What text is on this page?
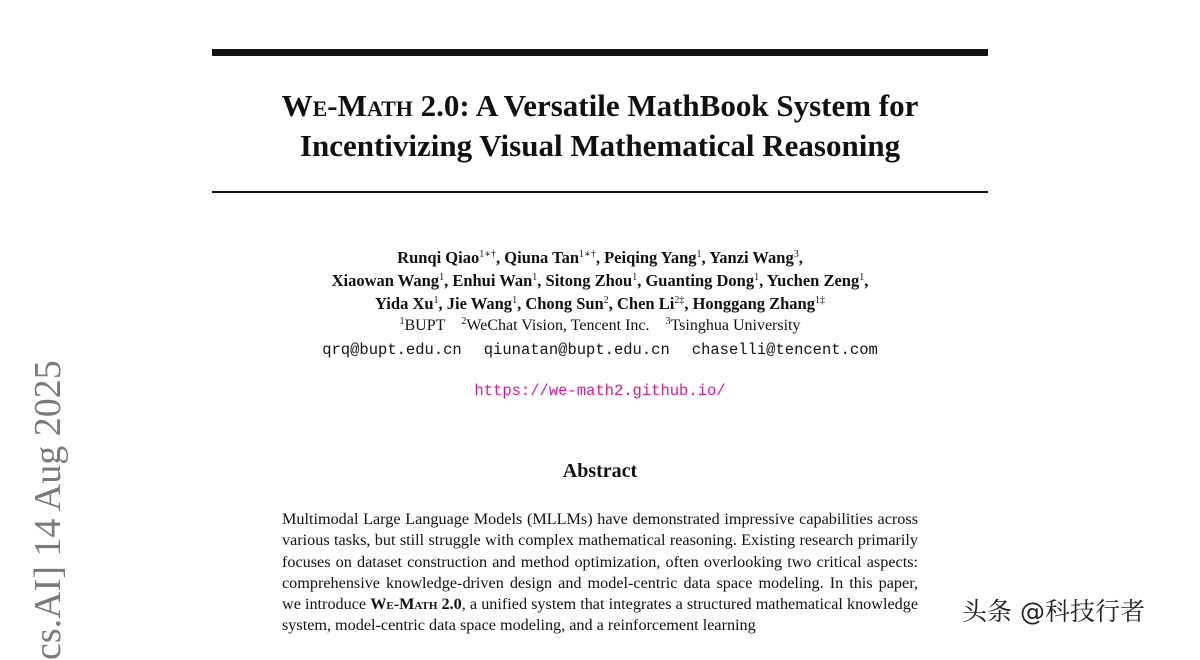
We-Math 2.0: A Versatile MathBook System for
Incentivizing Visual Mathematical Reasoning
Runqi Qiao$^{1∗\dagger}$, Qiuna Tan$^{1∗\dagger}$, Peiqing Yang$^1$, Yanzi Wang$^3$,
Xiaowan Wang$^1$, Enhui Wan$^1$, Sitong Zhou$^1$, Guanting Dong$^1$, Yuchen Zeng$^1$,
Yida Xu$^1$, Jie Wang$^1$, Chong Sun$^2$, Chen $Li^{2\ddagger}$, Honggang Zhang$^{1\ddagger}$
$^1$BUPT $^2$WeChat Vision, Tencent Inc. $^3$Tsinghua University
qrq@bupt.edu.cn qiunatan@bupt.edu.cn chaselli@tencent.com
https://we-math2.github.io/
Abstract
Multimodal Large Language Models (MLLMs) have demonstrated impressive capabilities across various tasks, but still struggle with complex mathematical reasoning. Existing research primarily focuses on dataset construction and method optimization, often overlooking two critical aspects: comprehensive knowledge-driven design and model-centric data space modeling. In this paper, we introduce We-Math 2.0, a unified system that integrates a structured mathematical knowledge system, model-centric data space modeling, and a reinforcement learning
cs.AI] 14 Aug 2025	头条 @科技行者
